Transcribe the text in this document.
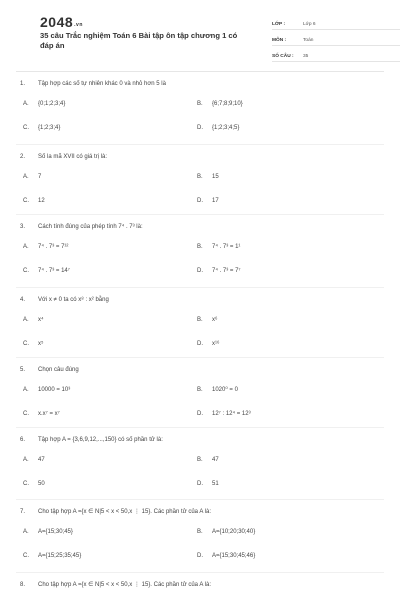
$2048^{.vn}$
35 câu Trắc nghiệm Toán 6 Bài tập ôn tập chương 1 có đáp án
LỚP :	Lớp 6
MÔN :	Toán
SỐ CÂU :	35
1.	Tập hợp các số tự nhiên khác 0 và nhỏ hơn 5 là
A.	{0;1;2;3;4}	B.	{6;7;8;9;10}
C.	{1;2;3;4}	D.	{1;2;3;4;5}
2.	Số la mã XVII có giá trị là:
A.	7	B.	15
C.	12	D.	17
3.	Cách tính đúng của phép tính 7⁴ . 7³ là:
A.	7⁴ . 7³ = 7¹²	B.	7⁴ . 7³ = 1¹
C.	7⁴ . 7³ = 14⁷	D.	7⁴ . 7³ = 7⁷
4.	Với x ≠ 0 ta có x⁸ : x² bằng
A.	x⁴	B.	x⁶
C.	x⁵	D.	x¹⁶
5.	Chọn câu đúng
A.	10000 = 10³	B.	1020⁰ = 0
C.	x.x⁷ = x⁷	D.	12⁷ : 12⁴ = 12³
6.	Tập hợp A = {3,6,9,12,...,150} có số phần tử là:
A.	47	B.	47
C.	50	D.	51
7.	Cho tập hợp A ={x ∈ N|5 < x < 50,x ⋮ 15}. Các phần tử của A là:
A.	A={15;30;45}	B.	A={10;20;30;40}
C.	A={15;25;35;45}	D.	A={15;30;45;46}
8.	Cho tập hợp A ={x ∈ N|5 < x < 50,x ⋮ 15}. Các phần tử của A là:
